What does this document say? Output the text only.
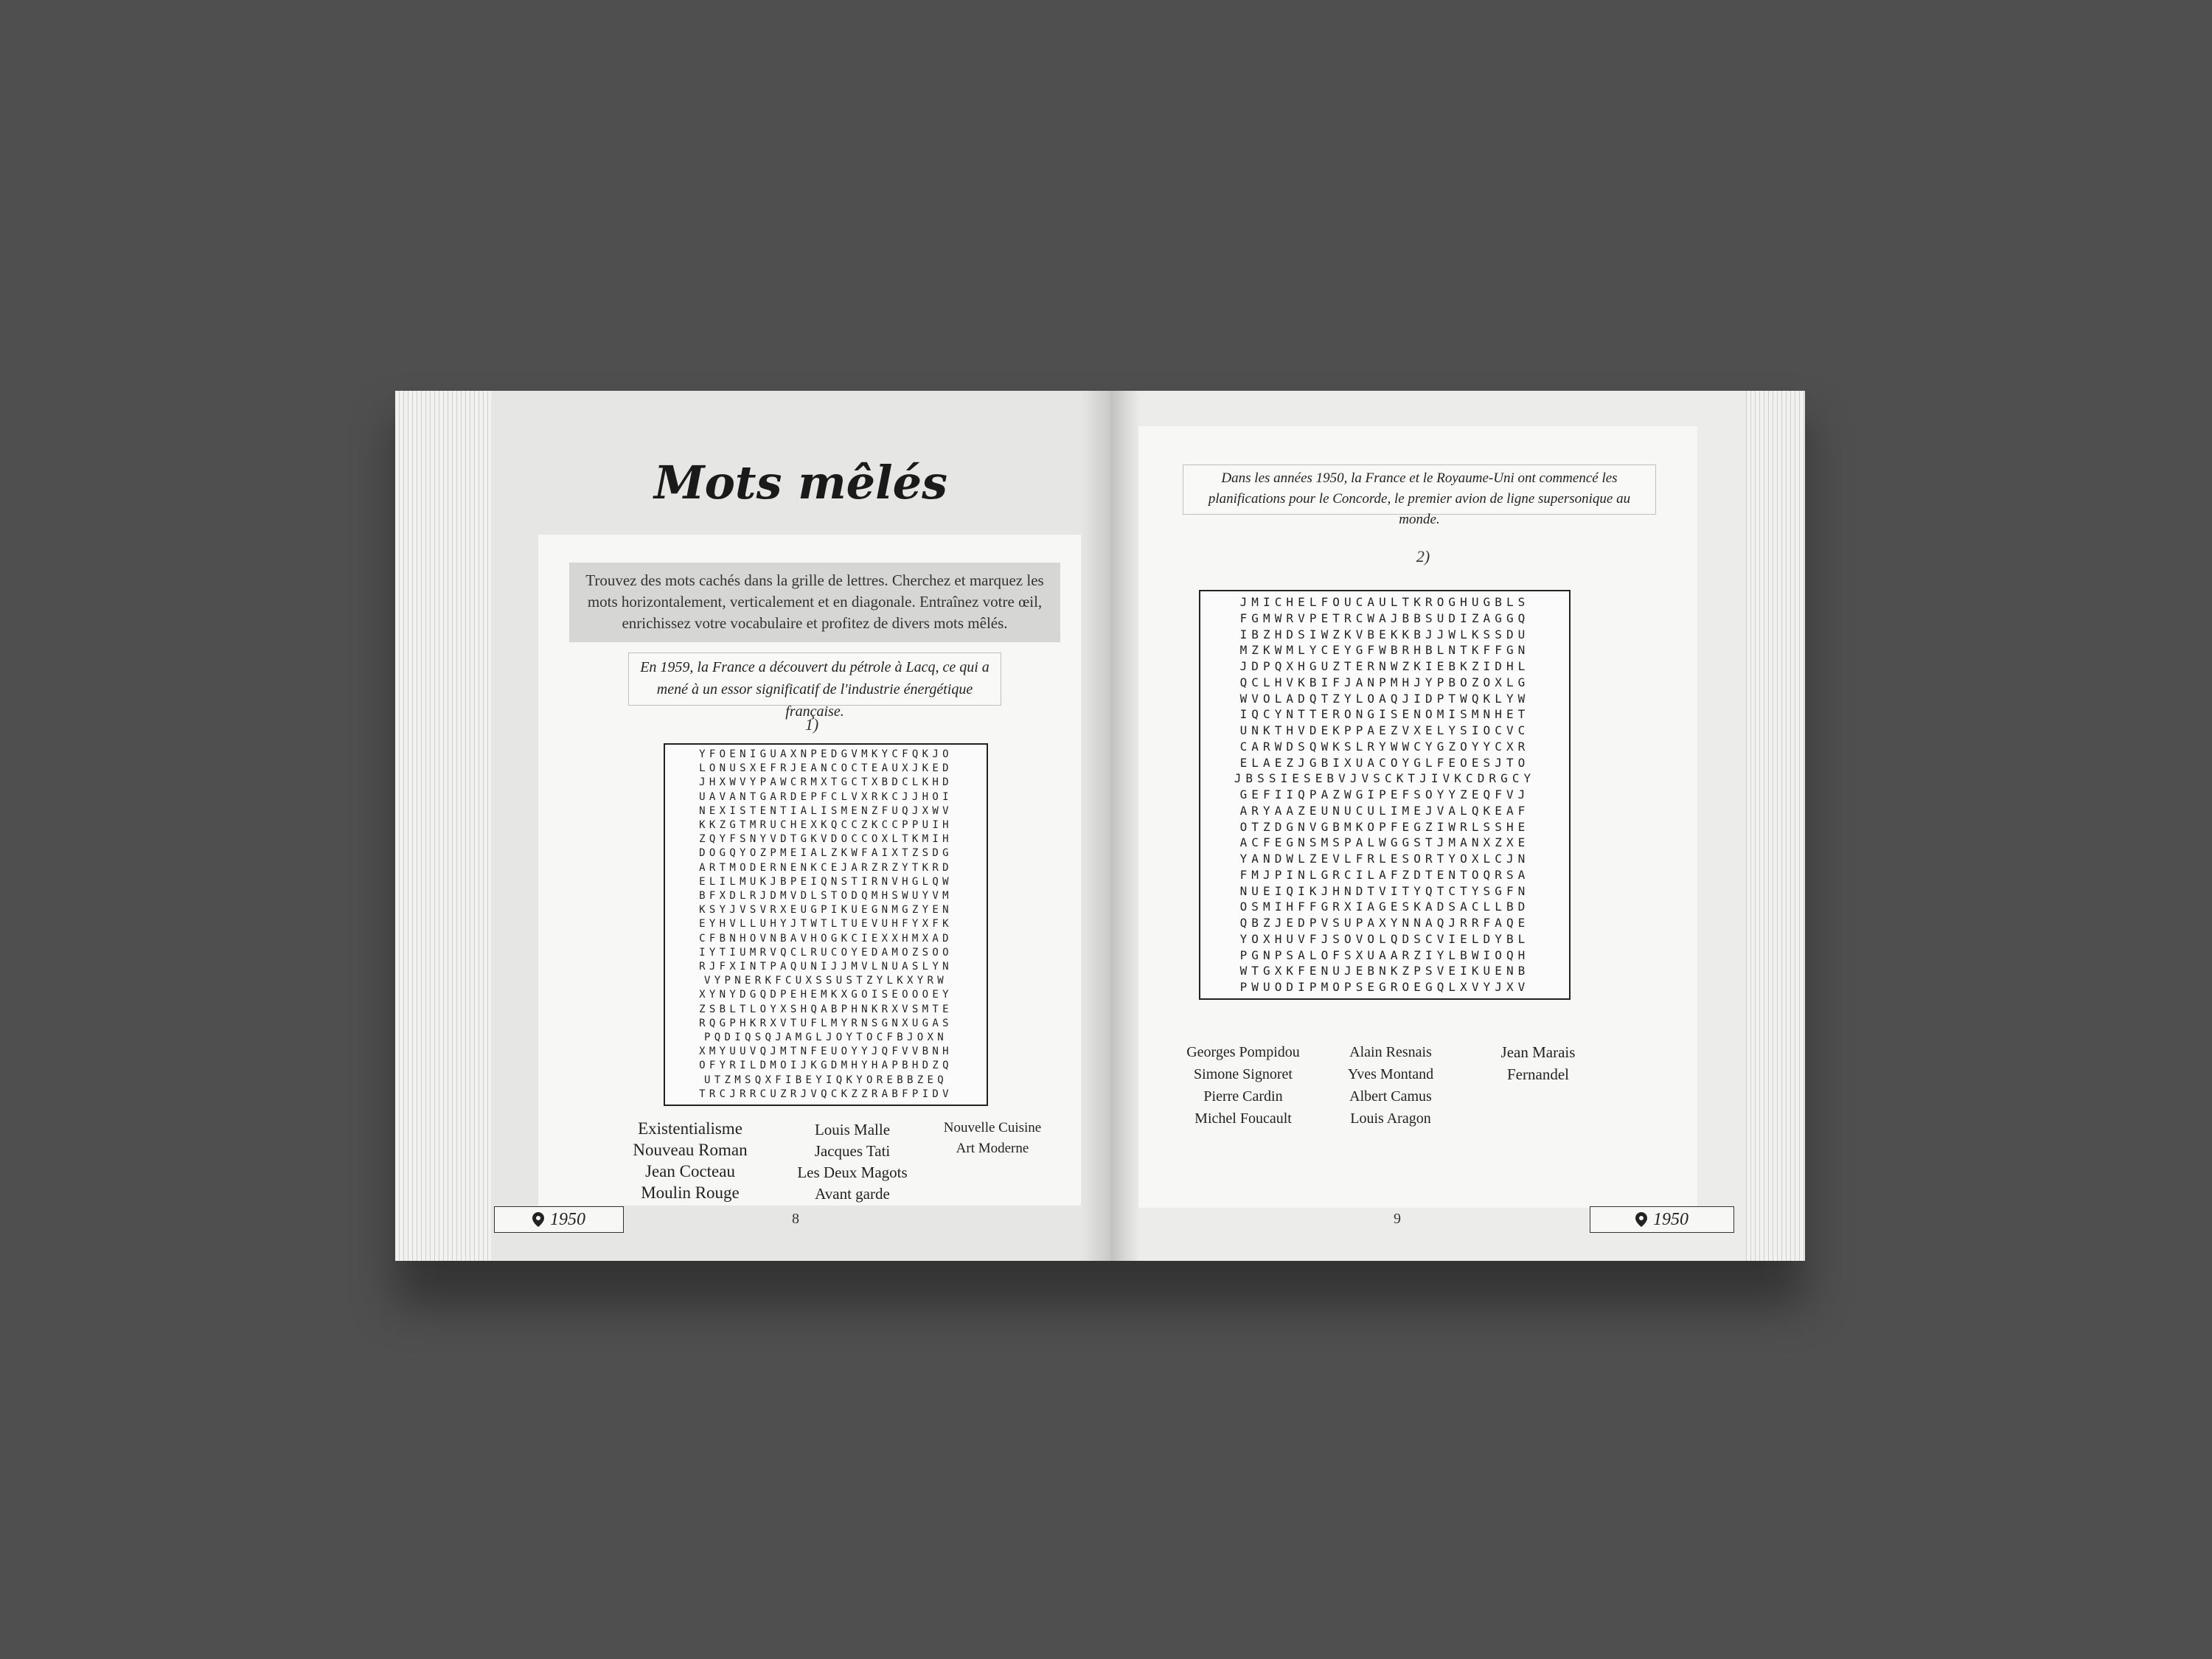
Mots mêlés
Trouvez des mots cachés dans la grille de lettres. Cherchez et marquez les mots horizontalement, verticalement et en diagonale. Entraînez votre œil, enrichissez votre vocabulaire et profitez de divers mots mêlés.
En 1959, la France a découvert du pétrole à Lacq, ce qui a mené à un essor significatif de l'industrie énergétique française.
1)
YFOENIGUAXNPEDGVMKYCFQKJO
LONUSXEFRJEANCOCTEAUXJKED
JHXWVYPAWCRMXTGCTXBDCLKHD
UAVANTGARDEPFCLVXRKCJJHOI
NEXISTENTIALISMENZFUQJXWV
KKZGTMRUCHEXKQCCZKCCPPUIH
ZQYFSNYVDTGKVDOCCOXLTKMIH
DOGQYOZPMEIALZKWFAIXTZSDG
ARTMODERNENKCEJARZRZYTKRD
ELILMUKJBPEIQNSTIRNVHGLQW
BFXDLRJDMVDLSTODQMHSWUYVM
KSYJVSVRXEUGPIKUEGNMGZYEN
EYHVLLUHYJTWTLTUEVUHFYXFK
CFBNHOVNBAVHOGKCIEXXHMXAD
IYTIUMRVQCLRUCOYEDAMOZSOO
RJFXINTPAQUNIJJMVLNUASLYN
VYPNERKFCUXSSUSTZYLKXYRW
XYNYDGQDPEHEMKXGOISEOOOEY
ZSBLTLOYXSHQABPHNKRXVSMTE
RQGPHKRXVTUFLMYRNSGNXUGAS
PQDIQSQJAMGLJOYTOCFBJOXN
XMYUUVQJMTNFEUOYYJQFVVBNH
OFYRILDMOIJKGDMHYHAPBHDZQ
UTZMSQXFIBEYIQKYOREBBZEQ
TRCJRRCUZRJVQCKZZRABFPIDV
Existentialisme
Nouveau Roman
Jean Cocteau
Moulin Rouge
Louis Malle
Jacques Tati
Les Deux Magots
Avant garde
Nouvelle Cuisine
Art Moderne
1950	8
Dans les années 1950, la France et le Royaume-Uni ont commencé les planifications pour le Concorde, le premier avion de ligne supersonique au monde.
2)
JMICHELFOUCAULTKROGHUGBLS
FGMWRVPETRCWAJBBSUDIZAGGQ
IBZHDSIWZKVBEKKBJJWLKSSDU
MZKWMLYCEYGFWBRHBLNTKFFGN
JDPQXHGUZTERNWZKIEBKZIDHL
QCLHVKBIFJANPMHJYPBOZOXLG
WVOLADQTZYLOAQJIDPTWQKLYW
IQCYNTTERONGISENOMISMNHET
UNKTHVDEKPPAEZVXELYSIOCVC
CARWDSQWKSLRYWWCYGZOYYCXR
ELAEZJGBIXUACOYGLFEOESJTO
JBSSIESEBVJVSCKTJIVKCDRGCY
GEFIIQPAZWGIPEFSOYYZEQFVJ
ARYAAZEUNUCULIMEJVALQKEAF
OTZDGNVGBMKOPFEGZIWRLSSHE
ACFEGNSMSPALWGGSTJMANXZXE
YANDWLZEVLFRLESORTYOXLCJN
FMJPINLGRCILAFZDTENTOQRSA
NUEIQIKJHNDTVITYQTCTYSGFN
OSMIHFFGRXIAGESKADSACLLBD
QBZJEDPVSUPAXYNNAQJRRFAQE
YOXHUVFJSOVOLQDSCVIELDYBL
PGNPSALOFSXUAARZIYLBWIOQH
WTGXKFENUJEBNKZPSVEIKUENB
PWUODIPMOPSEGROEGQLXVYJXV
Georges Pompidou
Simone Signoret
Pierre Cardin
Michel Foucault
Alain Resnais
Yves Montand
Albert Camus
Louis Aragon
Jean Marais
Fernandel
9	1950
